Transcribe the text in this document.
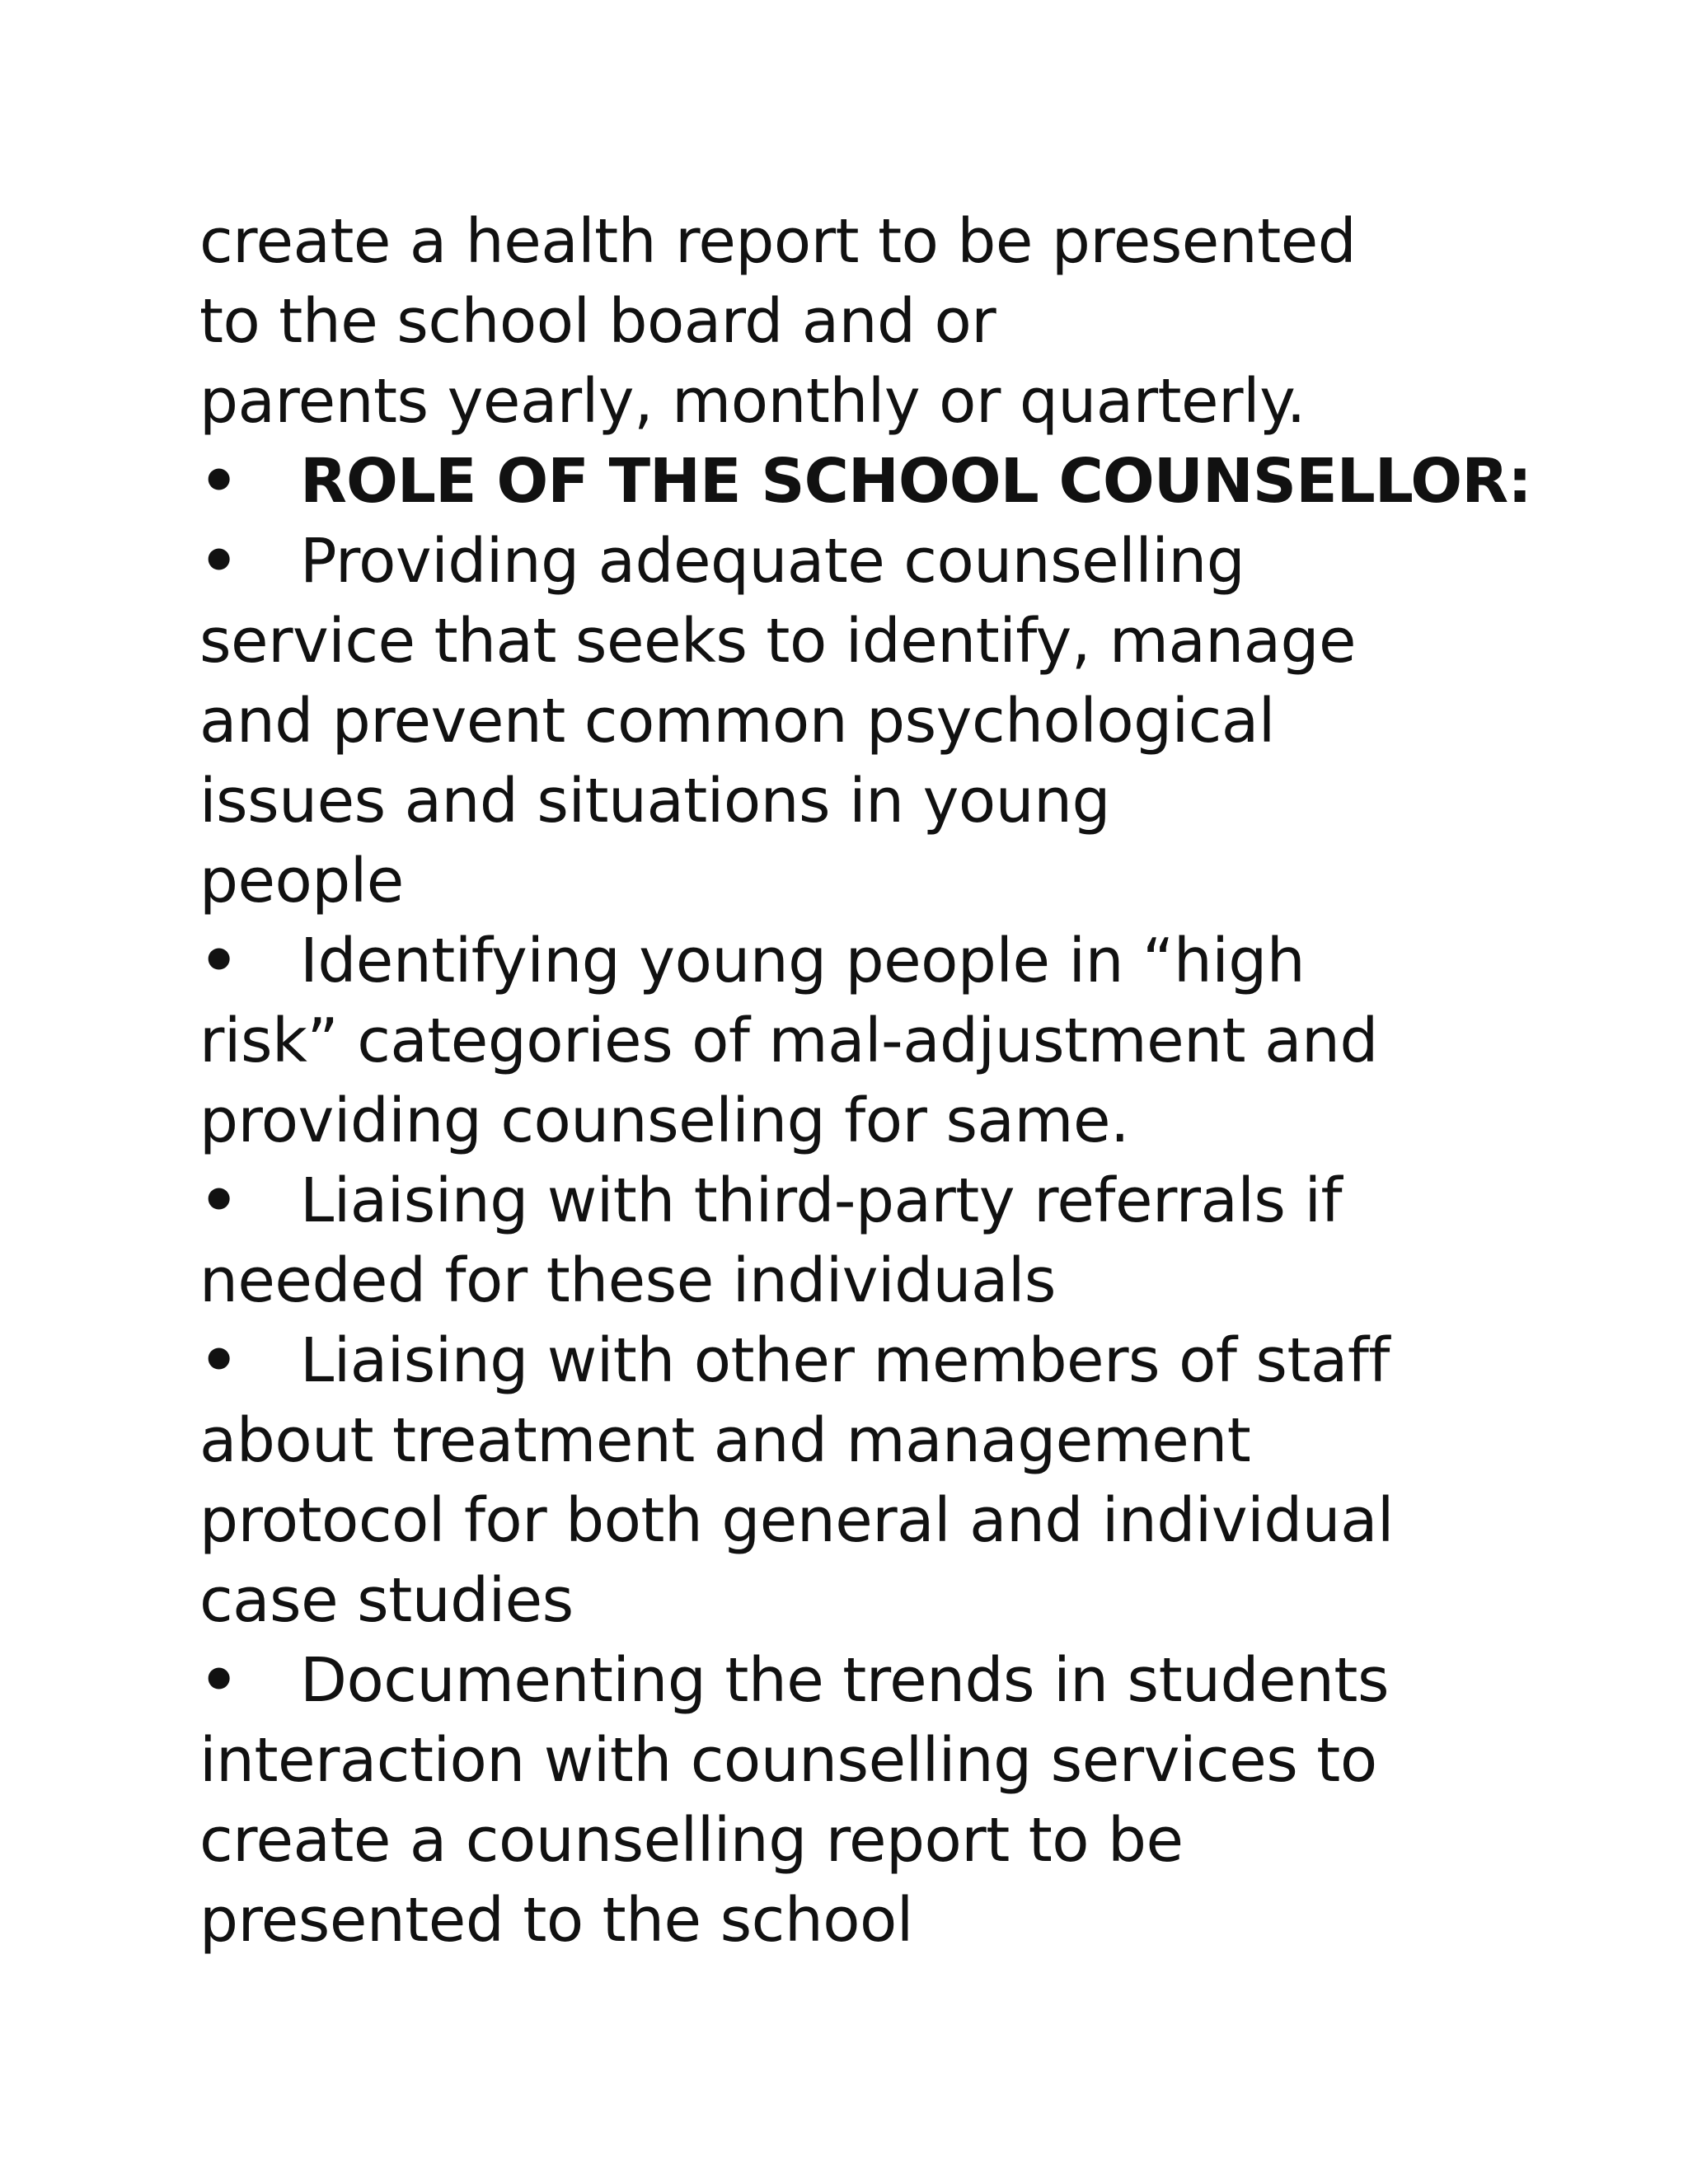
create a health report to be presented
to the school board and or
parents yearly, monthly or quarterly.
• ROLE OF THE SCHOOL COUNSELLOR:
• Providing adequate counselling
service that seeks to identify, manage
and prevent common psychological
issues and situations in young
people
• Identifying young people in “high
risk” categories of mal-adjustment and
providing counseling for same.
• Liaising with third-party referrals if
needed for these individuals
• Liaising with other members of staff
about treatment and management
protocol for both general and individual
case studies
• Documenting the trends in students
interaction with counselling services to
create a counselling report to be
presented to the school
